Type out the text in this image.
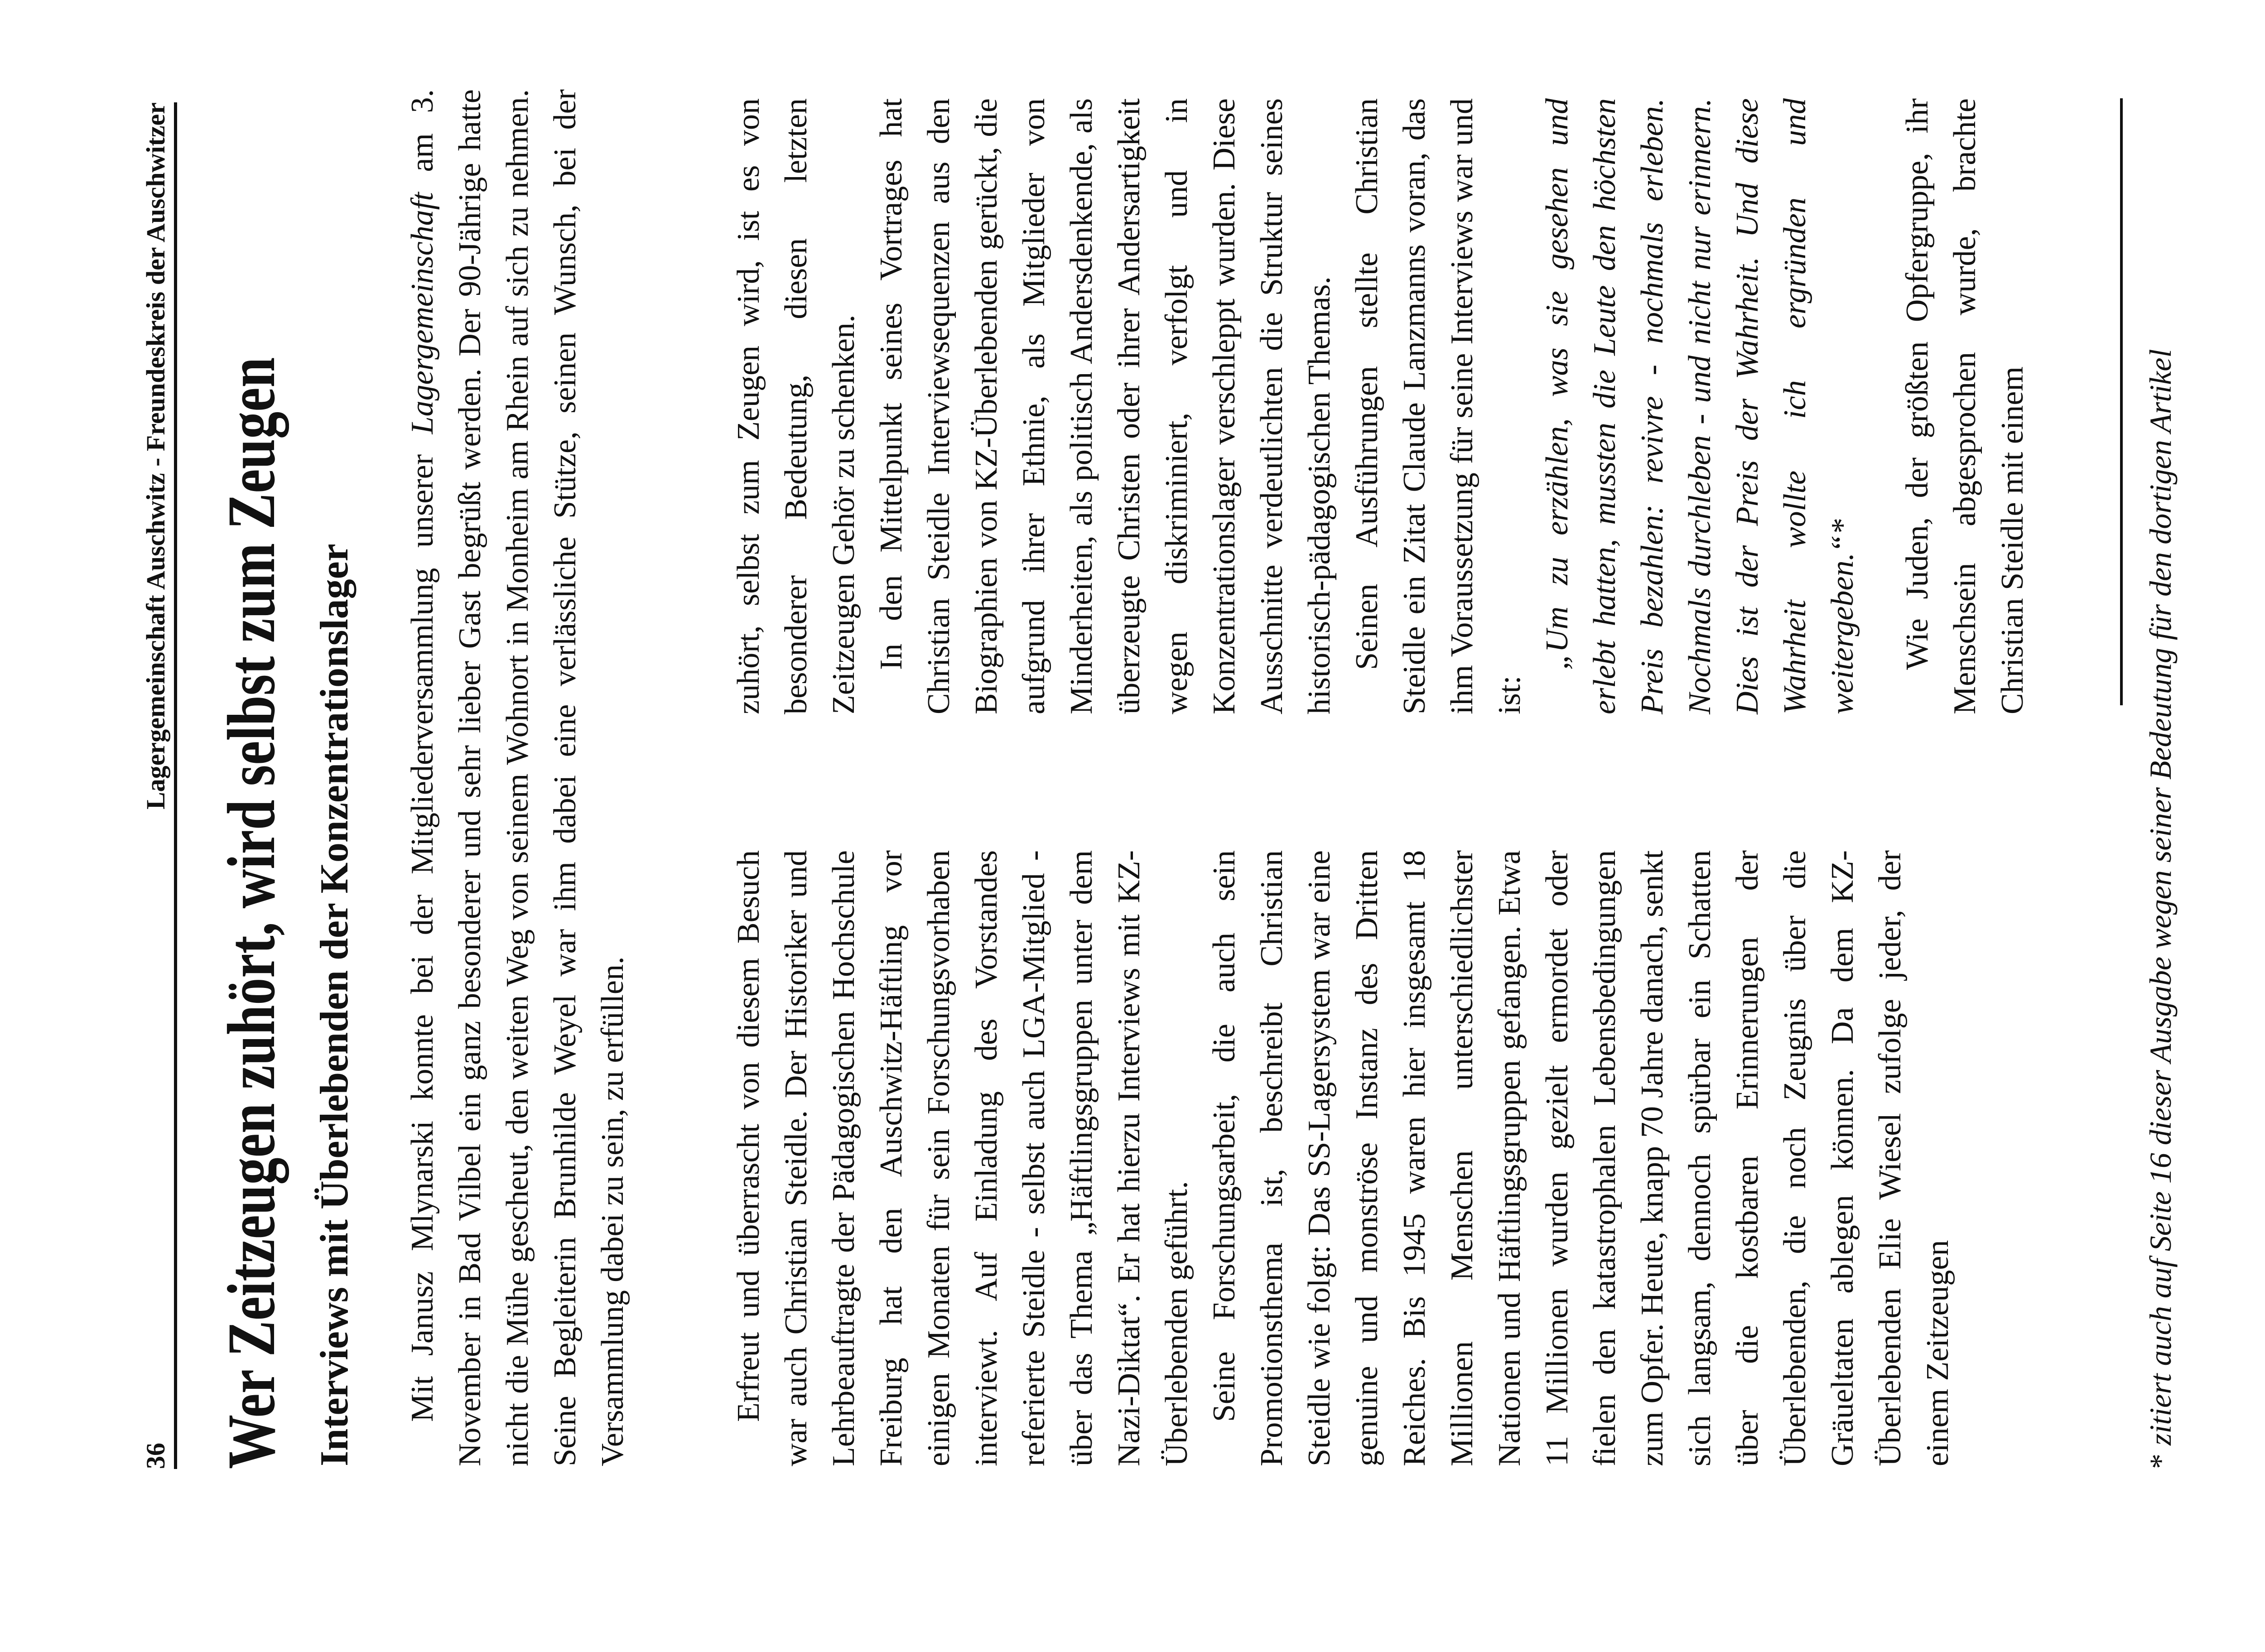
36
Lagergemeinschaft Auschwitz - Freundeskreis der Auschwitzer Wer Zeitzeugen zuhört, wird selbst zum Zeugen Interviews mit Überlebenden der Konzentrationslager Mit Janusz Mlynarski konnte bei der Mitgliederversammlung unserer Lagergemeinschaft am 3. November in Bad Vilbel ein ganz besonderer und sehr lieber Gast begrüßt werden. Der 90-Jährige hatte nicht die Mühe gescheut, den weiten Weg von seinem Wohnort in Monheim am Rhein auf sich zu nehmen. Seine Begleiterin Brunhilde Weyel war ihm dabei eine verlässliche Stütze, seinen Wunsch, bei der Versammlung dabei zu sein, zu erfüllen.	Erfreut und überrascht von diesem Besuch war auch Christian Steidle. Der Historiker und Lehrbeauftragte der Pädagogischen Hochschule Freiburg hat den Auschwitz-Häftling vor einigen Monaten für sein Forschungsvorhaben interviewt. Auf Einladung des Vorstandes referierte Steidle - selbst auch LGA-Mitglied - über das Thema „Häftlingsgruppen unter dem Nazi-Diktat“. Er hat hierzu Interviews mit KZ-Überlebenden geführt. Seine Forschungsarbeit, die auch sein Promotionsthema ist, beschreibt Christian Steidle wie folgt: Das SS-Lagersystem war eine genuine und monströse Instanz des Dritten Reiches. Bis 1945 waren hier insgesamt 18 Millionen Menschen unterschiedlichster Nationen und Häftlingsgruppen gefangen. Etwa 11 Millionen wurden gezielt ermordet oder fielen den katastrophalen Lebensbedingungen zum Opfer. Heute, knapp 70 Jahre danach, senkt sich langsam, dennoch spürbar ein Schatten über die kostbaren Erinnerungen der Überlebenden, die noch Zeugnis über die Gräueltaten ablegen können. Da dem KZ-Überlebenden Elie Wiesel zufolge jeder, der einem Zeitzeugen

zuhört, selbst zum Zeugen wird, ist es von besonderer Bedeutung, diesen letzten Zeitzeugen Gehör zu schenken. In den Mittelpunkt seines Vortrages hat Christian Steidle Interviewsequenzen aus den Biographien von KZ-Überlebenden gerückt, die aufgrund ihrer Ethnie, als Mitglieder von Minderheiten, als politisch Andersdenkende, als überzeugte Christen oder ihrer Andersartigkeit wegen diskriminiert, verfolgt und in Konzentrationslager verschleppt wurden. Diese Ausschnitte verdeutlichten die Struktur seines historisch-pädagogischen Themas. Seinen Ausführungen stellte Christian Steidle ein Zitat Claude Lanzmanns voran, das ihm Voraussetzung für seine Interviews war und ist:

„Um zu erzählen, was sie gesehen und erlebt hatten, mussten die Leute den höchsten Preis bezahlen: revivre - nochmals erleben. Nochmals durchleben - und nicht nur erinnern. Dies ist der Preis der Wahrheit. Und diese Wahrheit wollte ich ergründen und weitergeben.“* Wie Juden, der größten Opfergruppe, ihr Menschsein abgesprochen wurde, brachte Christian Steidle mit einem

*zitiert auch auf Seite 16 dieser Ausgabe wegen seiner Bedeutung für den dortigen Artikel
